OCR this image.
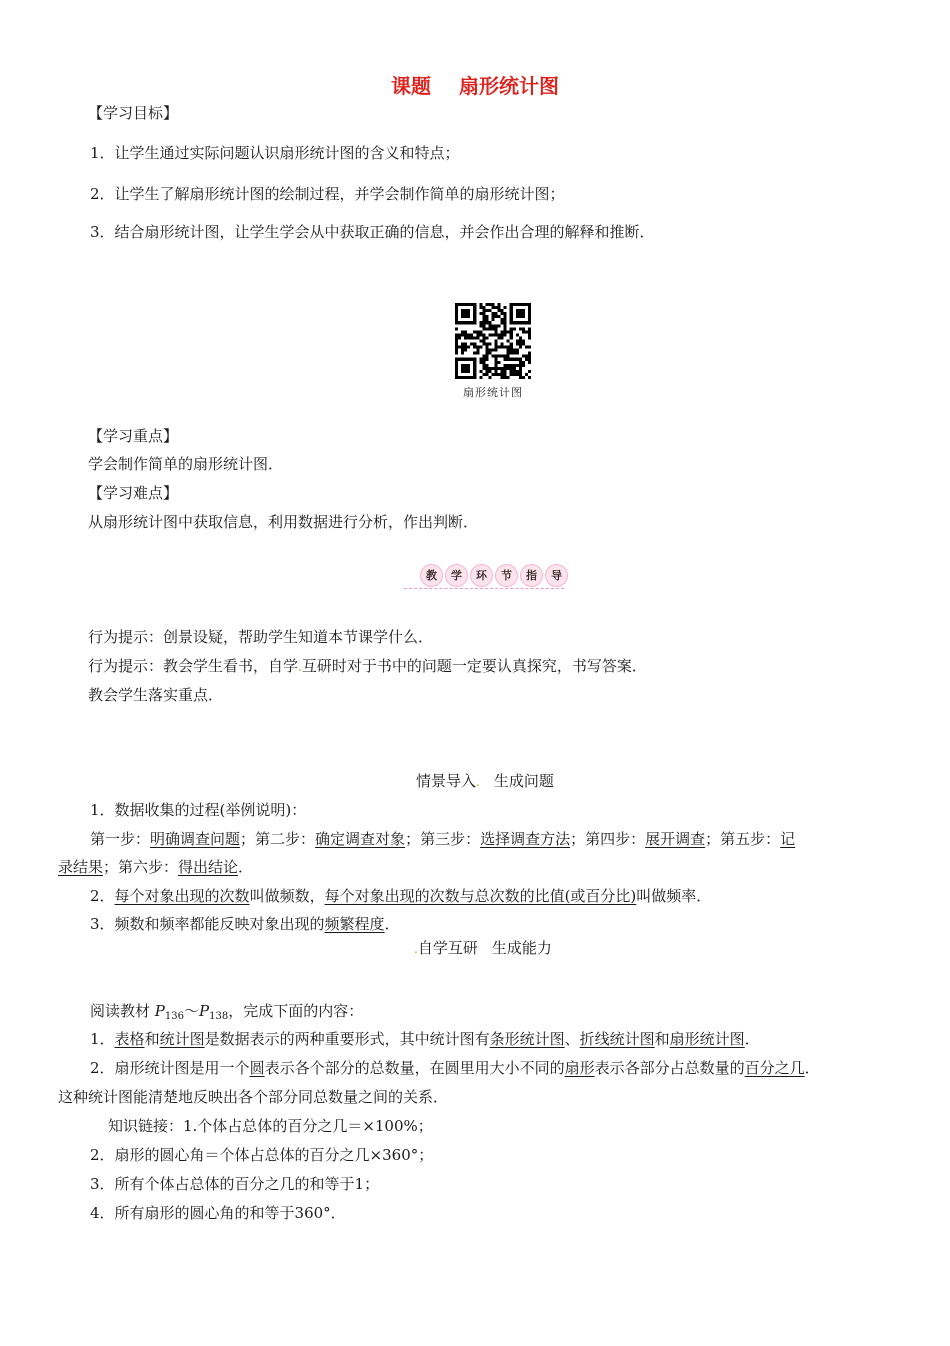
课题 扇形统计图
【学习目标】
1．让学生通过实际问题认识扇形统计图的含义和特点；
2．让学生了解扇形统计图的绘制过程，并学会制作简单的扇形统计图；
3．结合扇形统计图，让学生学会从中获取正确的信息，并会作出合理的解释和推断．
扇形统计图
【学习重点】
学会制作简单的扇形统计图．
【学习难点】
从扇形统计图中获取信息，利用数据进行分析，作出判断．
教 学 环 节 指 导
行为提示：创景设疑，帮助学生知道本节课学什么．
行为提示：教会学生看书，自学.互研时对于书中的问题一定要认真探究，书写答案．
教会学生落实重点．
情景导入. 生成问题
1．数据收集的过程(举例说明)：
第一步：明确调查问题；第二步：确定调查对象；第三步：选择调查方法；第四步：展开调查；第五步：记
录结果；第六步：得出结论．
2．每个对象出现的次数叫做频数，每个对象出现的次数与总次数的比值(或百分比)叫做频率．
3．频数和频率都能反映对象出现的频繁程度．
.自学互研 生成能力
阅读教材 $P_{136}\sim P_{138}$，完成下面的内容：
1．表格和统计图是数据表示的两种重要形式，其中统计图有条形统计图、折线统计图和扇形统计图．
2．扇形统计图是用一个圆表示各个部分的总数量，在圆里用大小不同的扇形表示各部分占总数量的百分之几．
这种统计图能清楚地反映出各个部分同总数量之间的关系．
知识链接：1.个体占总体的百分之几＝×100%；
2．扇形的圆心角＝个体占总体的百分之几×360°；
3．所有个体占总体的百分之几的和等于1；
4．所有扇形的圆心角的和等于360°．
